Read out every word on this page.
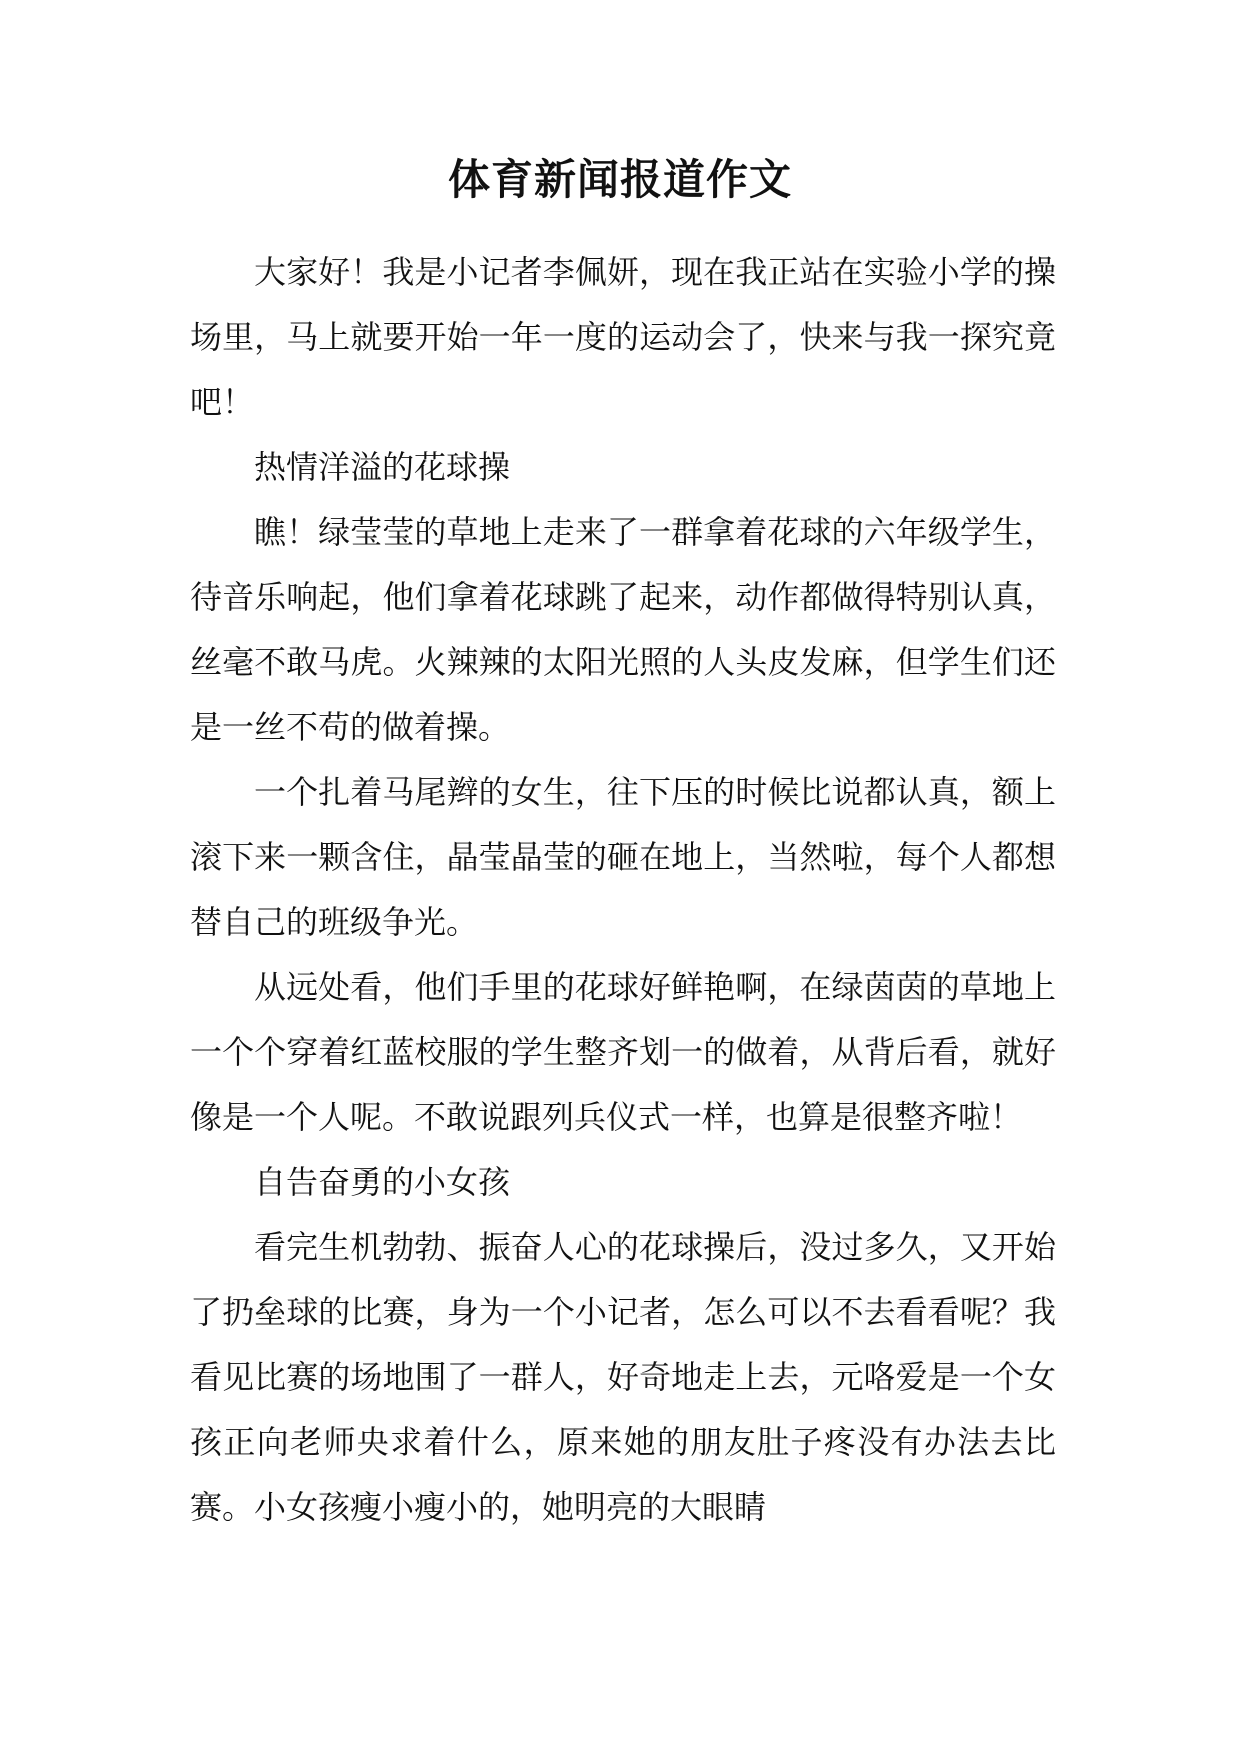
体育新闻报道作文

大家好！我是小记者李佩妍，现在我正站在实验小学的操场里，马上就要开始一年一度的运动会了，快来与我一探究竟吧！

热情洋溢的花球操

瞧！绿莹莹的草地上走来了一群拿着花球的六年级学生，待音乐响起，他们拿着花球跳了起来，动作都做得特别认真，丝毫不敢马虎。火辣辣的太阳光照的人头皮发麻，但学生们还是一丝不苟的做着操。

一个扎着马尾辫的女生，往下压的时候比说都认真，额上滚下来一颗含住，晶莹晶莹的砸在地上，当然啦，每个人都想替自己的班级争光。

从远处看，他们手里的花球好鲜艳啊，在绿茵茵的草地上一个个穿着红蓝校服的学生整齐划一的做着，从背后看，就好像是一个人呢。不敢说跟列兵仪式一样，也算是很整齐啦！

自告奋勇的小女孩

看完生机勃勃、振奋人心的花球操后，没过多久，又开始了扔垒球的比赛，身为一个小记者，怎么可以不去看看呢？我看见比赛的场地围了一群人，好奇地走上去，元咯爱是一个女孩正向老师央求着什么，原来她的朋友肚子疼没有办法去比赛。小女孩瘦小瘦小的，她明亮的大眼睛
